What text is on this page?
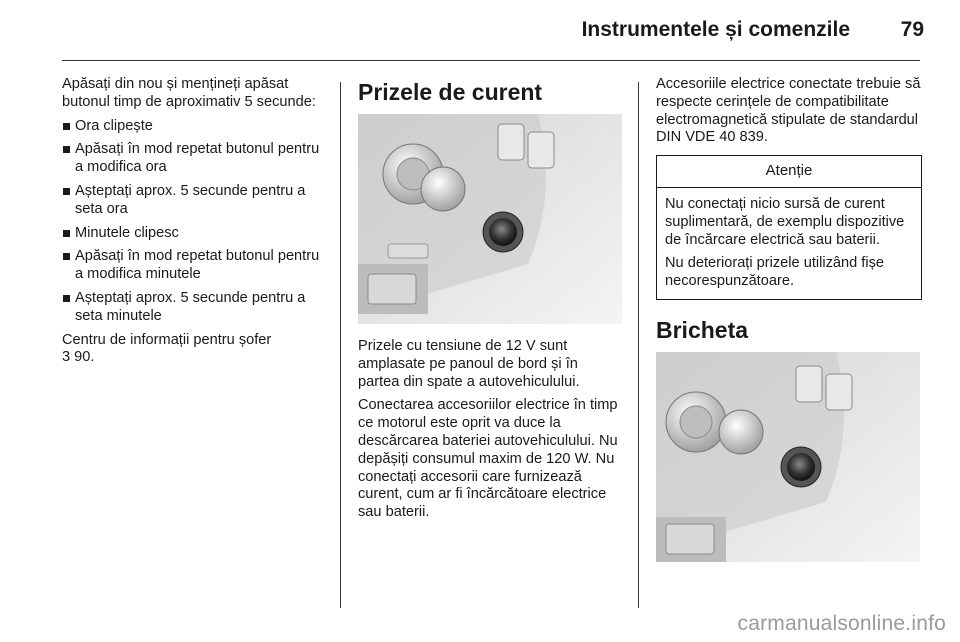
Instrumentele și comenzile	79

Apăsați din nou și mențineți apăsat butonul timp de aproximativ 5 secunde:

Ora clipește
Apăsați în mod repetat butonul pentru a modifica ora
Așteptați aprox. 5 secunde pentru a seta ora
Minutele clipesc
Apăsați în mod repetat butonul pentru a modifica minutele
Așteptați aprox. 5 secunde pentru a seta minutele

Centru de informații pentru șofer
3 90.

Prizele de curent

Prizele cu tensiune de 12 V sunt amplasate pe panoul de bord și în partea din spate a autovehiculului.

Conectarea accesoriilor electrice în timp ce motorul este oprit va duce la descărcarea bateriei autovehiculului. Nu depășiți consumul maxim de 120 W. Nu conectați accesorii care furnizează curent, cum ar fi încărcătoare electrice sau baterii.

Accesoriile electrice conectate trebuie să respecte cerințele de compatibilitate electromagnetică stipulate de standardul DIN VDE 40 839.

Atenție

Nu conectați nicio sursă de curent suplimentară, de exemplu dispozitive de încărcare electrică sau baterii.

Nu deteriorați prizele utilizând fișe necorespunzătoare.

Bricheta
carmanualsonline.info
